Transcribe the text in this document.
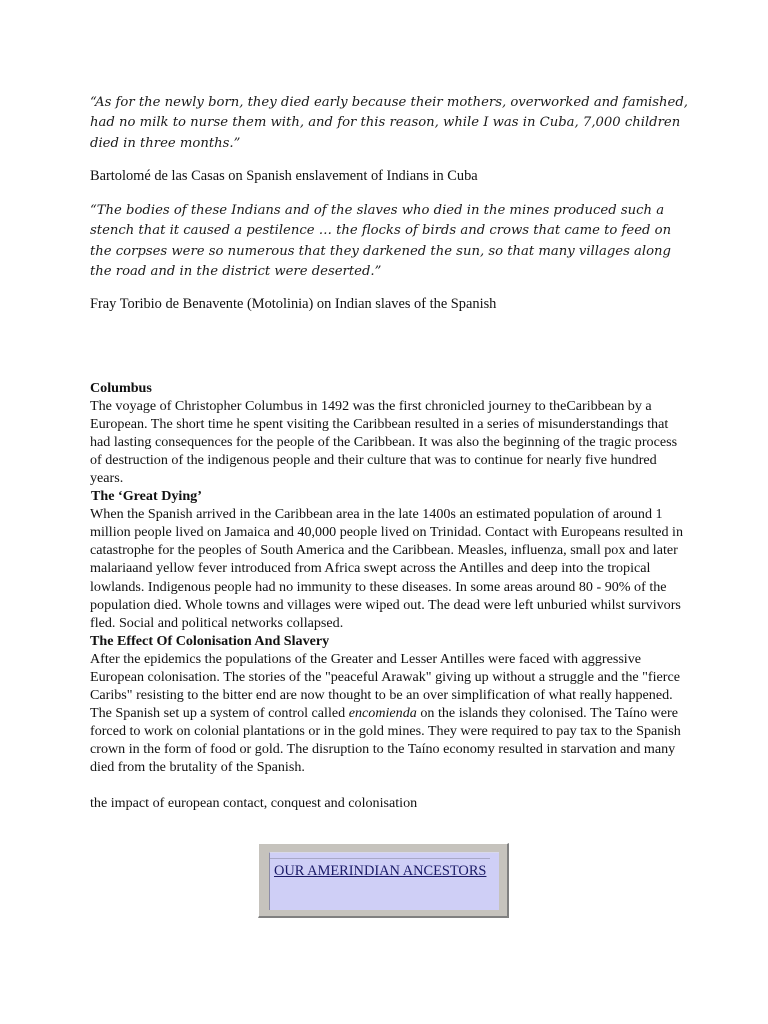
“As for the newly born, they died early because their mothers, overworked and famished, had no milk to nurse them with, and for this reason, while I was in Cuba, 7,000 children died in three months.”

Bartolomé de las Casas on Spanish enslavement of Indians in Cuba

“The bodies of these Indians and of the slaves who died in the mines produced such a stench that it caused a pestilence … the flocks of birds and crows that came to feed on the corpses were so numerous that they darkened the sun, so that many villages along the road and in the district were deserted.”

Fray Toribio de Benavente (Motolinia) on Indian slaves of the Spanish

Columbus

The voyage of Christopher Columbus in 1492 was the first chronicled journey to theCaribbean by a European. The short time he spent visiting the Caribbean resulted in a series of misunderstandings that had lasting consequences for the people of the Caribbean. It was also the beginning of the tragic process of destruction of the indigenous people and their culture that was to continue for nearly five hundred years.

The ‘Great Dying’

When the Spanish arrived in the Caribbean area in the late 1400s an estimated population of around 1 million people lived on Jamaica and 40,000 people lived on Trinidad. Contact with Europeans resulted in catastrophe for the peoples of South America and the Caribbean. Measles, influenza, small pox and later malariaand yellow fever introduced from Africa swept across the Antilles and deep into the tropical lowlands. Indigenous people had no immunity to these diseases. In some areas around 80 - 90% of the population died. Whole towns and villages were wiped out. The dead were left unburied whilst survivors fled. Social and political networks collapsed.

The Effect Of Colonisation And Slavery

After the epidemics the populations of the Greater and Lesser Antilles were faced with aggressive European colonisation. The stories of the "peaceful Arawak" giving up without a struggle and the "fierce Caribs" resisting to the bitter end are now thought to be an over simplification of what really happened.

The Spanish set up a system of control called encomienda on the islands they colonised. The Taíno were forced to work on colonial plantations or in the gold mines. They were required to pay tax to the Spanish crown in the form of food or gold. The disruption to the Taíno economy resulted in starvation and many died from the brutality of the Spanish.

the impact of european contact, conquest and colonisation

OUR AMERINDIAN ANCESTORS
